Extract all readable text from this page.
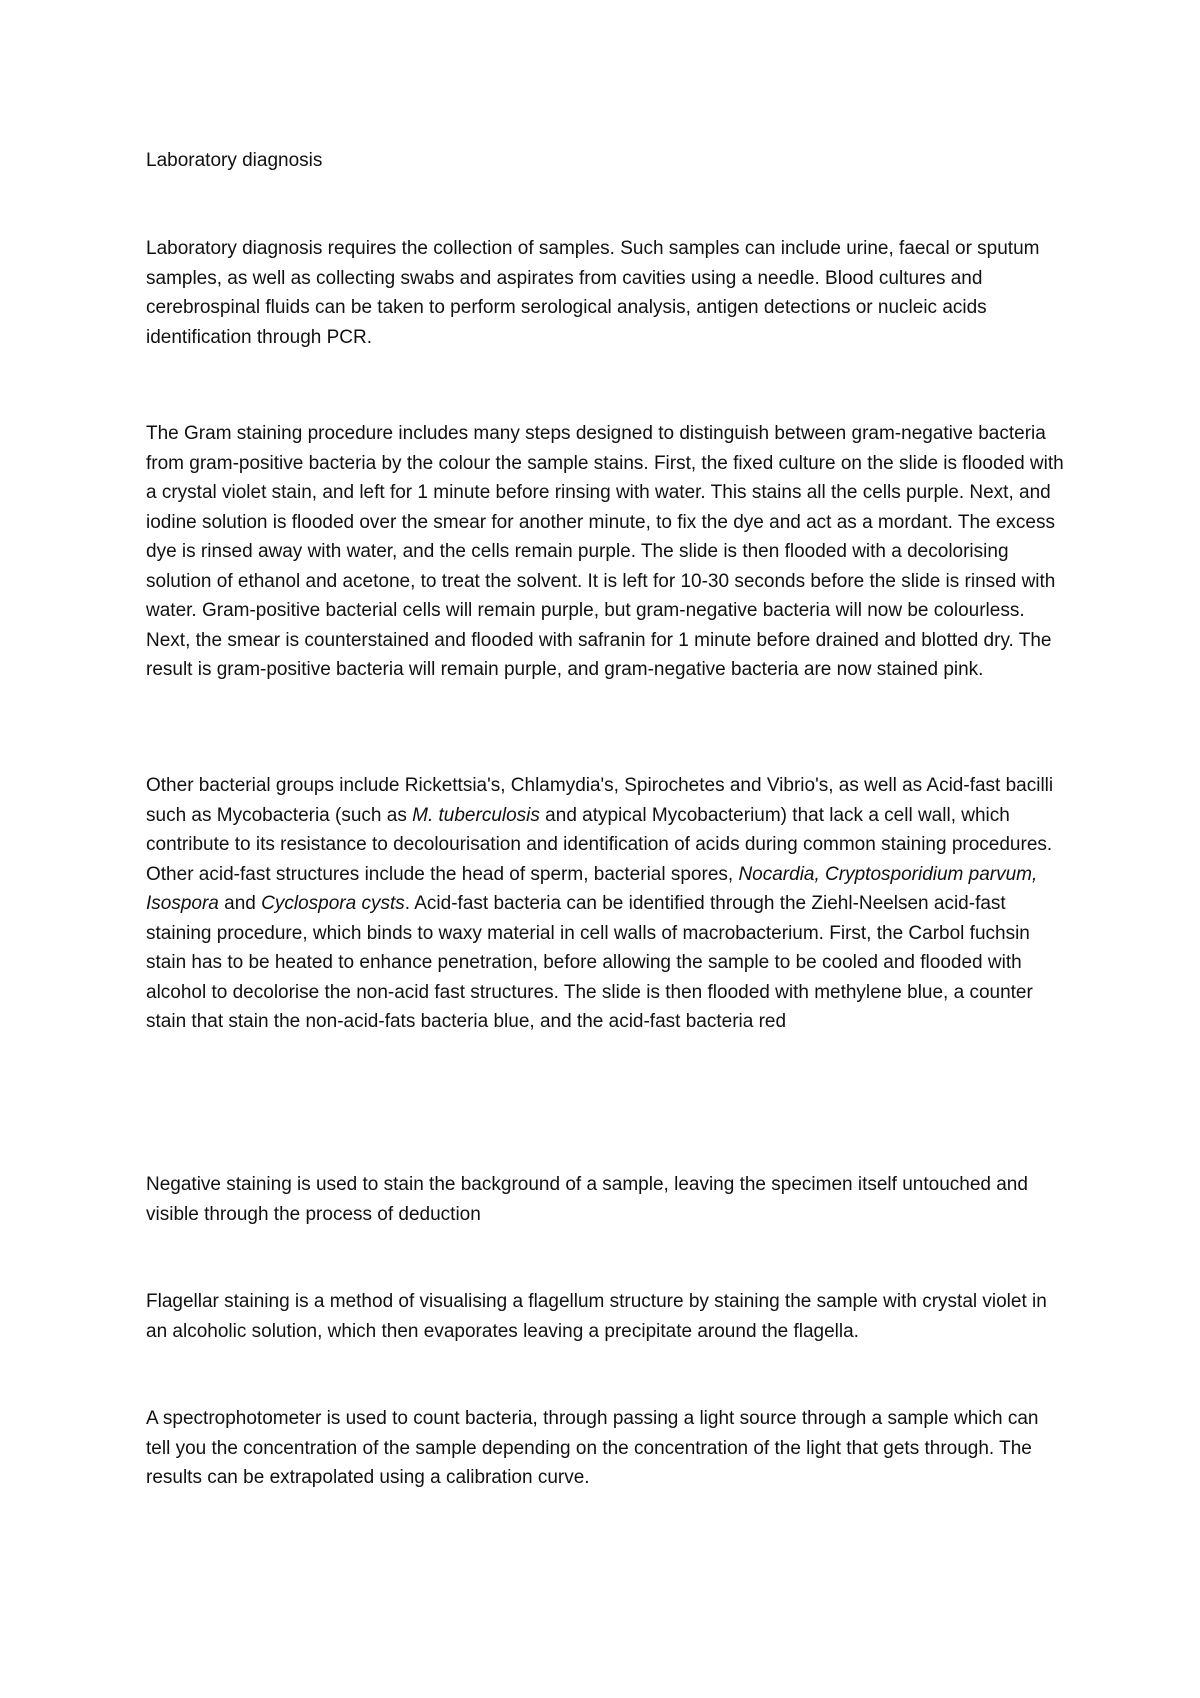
Laboratory diagnosis

Laboratory diagnosis requires the collection of samples. Such samples can include urine, faecal or sputum samples, as well as collecting swabs and aspirates from cavities using a needle. Blood cultures and cerebrospinal fluids can be taken to perform serological analysis, antigen detections or nucleic acids identification through PCR.

The Gram staining procedure includes many steps designed to distinguish between gram-negative bacteria from gram-positive bacteria by the colour the sample stains. First, the fixed culture on the slide is flooded with a crystal violet stain, and left for 1 minute before rinsing with water. This stains all the cells purple. Next, and iodine solution is flooded over the smear for another minute, to fix the dye and act as a mordant. The excess dye is rinsed away with water, and the cells remain purple. The slide is then flooded with a decolorising solution of ethanol and acetone, to treat the solvent. It is left for 10-30 seconds before the slide is rinsed with water. Gram-positive bacterial cells will remain purple, but gram-negative bacteria will now be colourless. Next, the smear is counterstained and flooded with safranin for 1 minute before drained and blotted dry. The result is gram-positive bacteria will remain purple, and gram-negative bacteria are now stained pink.

Other bacterial groups include Rickettsia's, Chlamydia's, Spirochetes and Vibrio's, as well as Acid-fast bacilli such as Mycobacteria (such as M. tuberculosis and atypical Mycobacterium) that lack a cell wall, which contribute to its resistance to decolourisation and identification of acids during common staining procedures. Other acid-fast structures include the head of sperm, bacterial spores, Nocardia, Cryptosporidium parvum, Isospora and Cyclospora cysts. Acid-fast bacteria can be identified through the Ziehl-Neelsen acid-fast staining procedure, which binds to waxy material in cell walls of macrobacterium. First, the Carbol fuchsin stain has to be heated to enhance penetration, before allowing the sample to be cooled and flooded with alcohol to decolorise the non-acid fast structures. The slide is then flooded with methylene blue, a counter stain that stain the non-acid-fats bacteria blue, and the acid-fast bacteria red

Negative staining is used to stain the background of a sample, leaving the specimen itself untouched and visible through the process of deduction

Flagellar staining is a method of visualising a flagellum structure by staining the sample with crystal violet in an alcoholic solution, which then evaporates leaving a precipitate around the flagella.

A spectrophotometer is used to count bacteria, through passing a light source through a sample which can tell you the concentration of the sample depending on the concentration of the light that gets through. The results can be extrapolated using a calibration curve.
